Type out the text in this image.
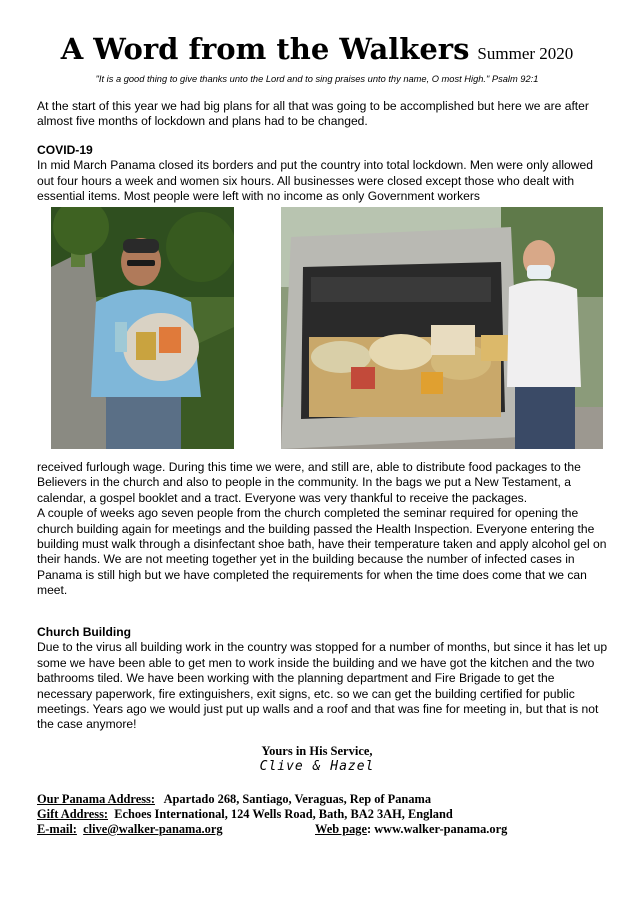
A Word from the Walkers Summer 2020
"It is a good thing to give thanks unto the Lord and to sing praises unto thy name, O most High." Psalm 92:1

At the start of this year we had big plans for all that was going to be accomplished but here we are after almost five months of lockdown and plans had to be changed.

COVID-19

In mid March Panama closed its borders and put the country into total lockdown. Men were only allowed out four hours a week and women six hours. All businesses were closed except those who dealt with essential items. Most people were left with no income as only Government workers

received furlough wage. During this time we were, and still are, able to distribute food packages to the Believers in the church and also to people in the community. In the bags we put a New Testament, a calendar, a gospel booklet and a tract. Everyone was very thankful to receive the packages.

A couple of weeks ago seven people from the church completed the seminar required for opening the church building again for meetings and the building passed the Health Inspection. Everyone entering the building must walk through a disinfectant shoe bath, have their temperature taken and apply alcohol gel on their hands. We are not meeting together yet in the building because the number of infected cases in Panama is still high but we have completed the requirements for when the time does come that we can meet.

Church Building

Due to the virus all building work in the country was stopped for a number of months, but since it has let up some we have been able to get men to work inside the building and we have got the kitchen and the two bathrooms tiled. We have been working with the planning department and Fire Brigade to get the necessary paperwork, fire extinguishers, exit signs, etc. so we can get the building certified for public meetings. Years ago we would just put up walls and a roof and that was fine for meeting in, but that is not the case anymore!

Yours in His Service,
Clive & Hazel
Our Panama Address: Apartado 268, Santiago, Veraguas, Rep of Panama
Gift Address: Echoes International, 124 Wells Road, Bath, BA2 3AH, England
E-mail: clive@walker-panama.org	Web page: www.walker-panama.org
